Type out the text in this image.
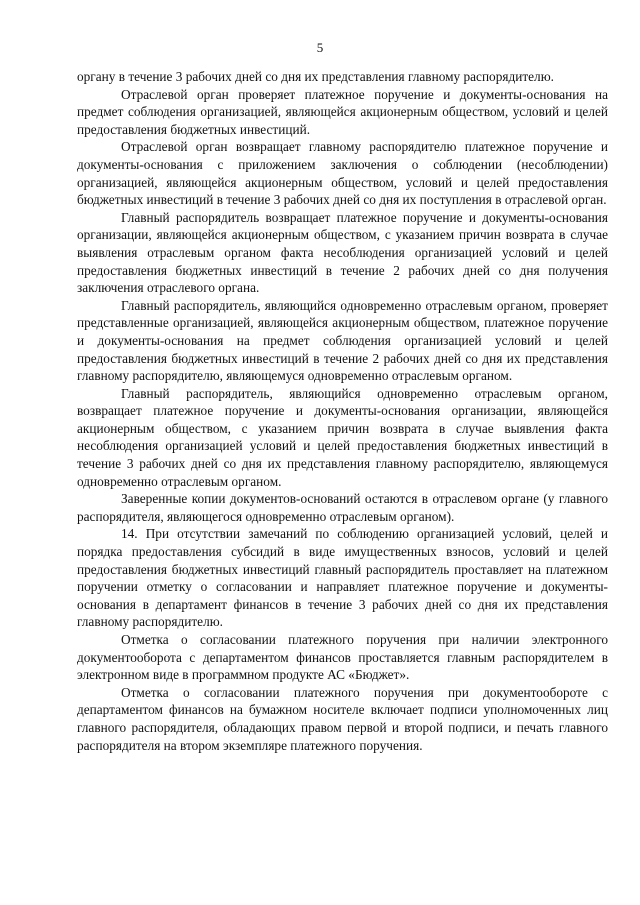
5

органу в течение 3 рабочих дней со дня их представления главному распорядителю.

Отраслевой орган проверяет платежное поручение и документы-основания на предмет соблюдения организацией, являющейся акционерным обществом, условий и целей предоставления бюджетных инвестиций.

Отраслевой орган возвращает главному распорядителю платежное поручение и документы-основания с приложением заключения о соблюдении (несоблюдении) организацией, являющейся акционерным обществом, условий и целей предоставления бюджетных инвестиций в течение 3 рабочих дней со дня их поступления в отраслевой орган.

Главный распорядитель возвращает платежное поручение и документы-основания организации, являющейся акционерным обществом, с указанием причин возврата в случае выявления отраслевым органом факта несоблюдения организацией условий и целей предоставления бюджетных инвестиций в течение 2 рабочих дней со дня получения заключения отраслевого органа.

Главный распорядитель, являющийся одновременно отраслевым органом, проверяет представленные организацией, являющейся акционерным обществом, платежное поручение и документы-основания на предмет соблюдения организацией условий и целей предоставления бюджетных инвестиций в течение 2 рабочих дней со дня их представления главному распорядителю, являющемуся одновременно отраслевым органом.

Главный распорядитель, являющийся одновременно отраслевым органом, возвращает платежное поручение и документы-основания организации, являющейся акционерным обществом, с указанием причин возврата в случае выявления факта несоблюдения организацией условий и целей предоставления бюджетных инвестиций в течение 3 рабочих дней со дня их представления главному распорядителю, являющемуся одновременно отраслевым органом.

Заверенные копии документов-оснований остаются в отраслевом органе (у главного распорядителя, являющегося одновременно отраслевым органом).

14. При отсутствии замечаний по соблюдению организацией условий, целей и порядка предоставления субсидий в виде имущественных взносов, условий и целей предоставления бюджетных инвестиций главный распорядитель проставляет на платежном поручении отметку о согласовании и направляет платежное поручение и документы-основания в департамент финансов в течение 3 рабочих дней со дня их представления главному распорядителю.

Отметка о согласовании платежного поручения при наличии электронного документооборота с департаментом финансов проставляется главным распорядителем в электронном виде в программном продукте АС «Бюджет».

Отметка о согласовании платежного поручения при документообороте с департаментом финансов на бумажном носителе включает подписи уполномоченных лиц главного распорядителя, обладающих правом первой и второй подписи, и печать главного распорядителя на втором экземпляре платежного поручения.
